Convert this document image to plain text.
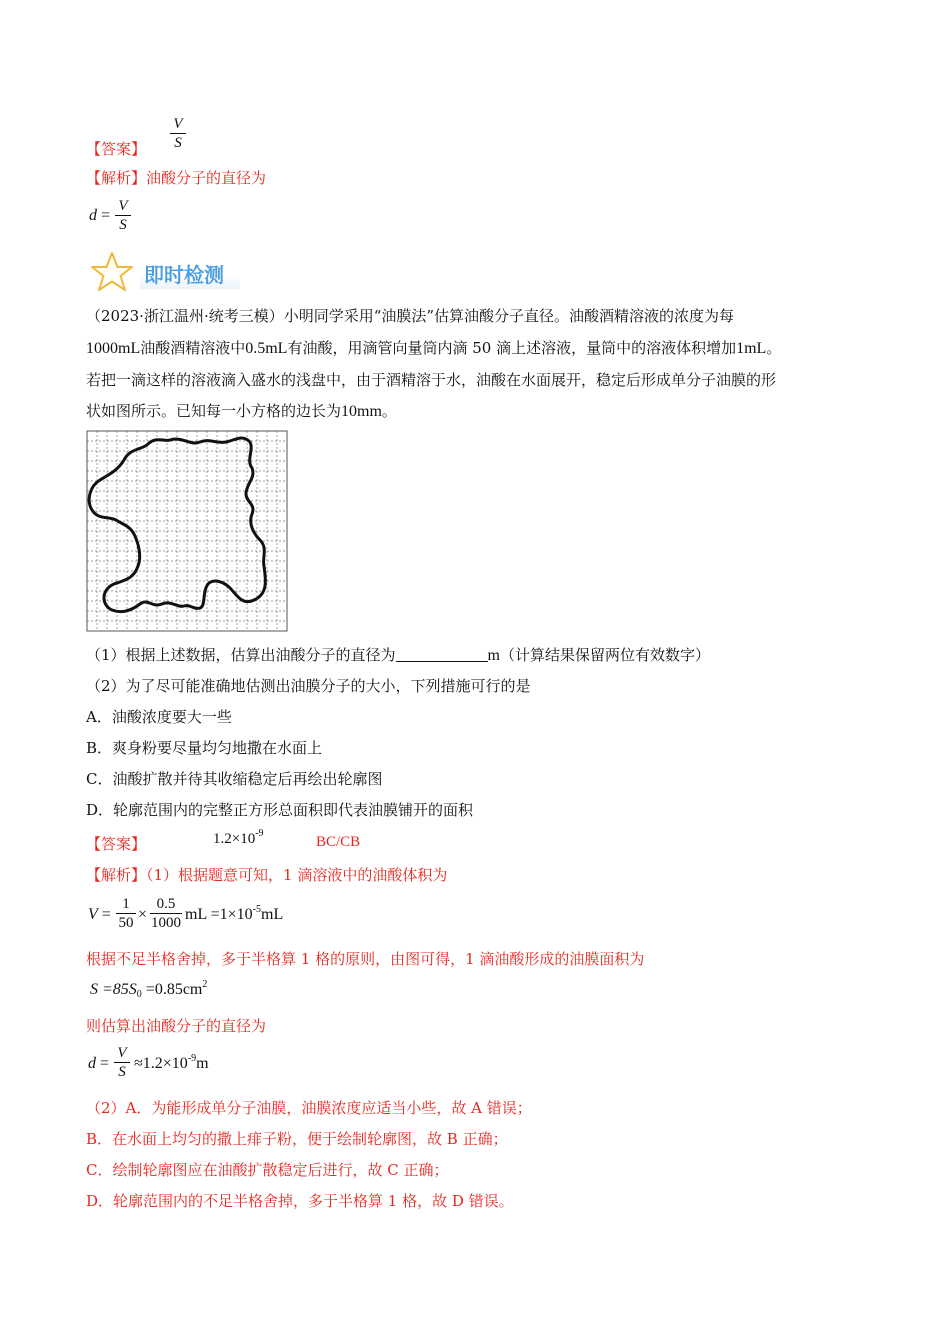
V
S
【答案】
【解析】油酸分子的直径为
d =
V
S
即时检测
（2023·浙江温州·统考三模）小明同学采用“油膜法”估算油酸分子直径。油酸酒精溶液的浓度为每
1000mL油酸酒精溶液中0.5mL有油酸，用滴管向量筒内滴 50 滴上述溶液，量筒中的溶液体积增加1mL。
若把一滴这样的溶液滴入盛水的浅盘中，由于酒精溶于水，油酸在水面展开，稳定后形成单分子油膜的形
状如图所示。已知每一小方格的边长为10mm。
（1）根据上述数据，估算出油酸分子的直径为	m（计算结果保留两位有效数字）
（2）为了尽可能准确地估测出油膜分子的大小，下列措施可行的是
A．油酸浓度要大一些
B．爽身粉要尽量均匀地撒在水面上
C．油酸扩散并待其收缩稳定后再绘出轮廓图
D．轮廓范围内的完整正方形总面积即代表油膜铺开的面积
【答案】	$1.2\times 10^{-9}$
BC/CB
【解析】（1）根据题意可知，1 滴溶液中的油酸体积为
V =
1
50 ×
0.5
1000 mL $=1\times 10^{-5}mL$
根据不足半格舍掉，多于半格算 1 格的原则，由图可得，1 滴油酸形成的油膜面积为
$S =85S0 =0.85cm^2$
则估算出油酸分子的直径为
d =
V
$S \approx 1.2\times 10^{-9}m$
（2）A．为能形成单分子油膜，油膜浓度应适当小些，故 A 错误；
B．在水面上均匀的撒上痱子粉，便于绘制轮廓图，故 B 正确；
C．绘制轮廓图应在油酸扩散稳定后进行，故 C 正确；
D．轮廓范围内的不足半格舍掉，多于半格算 1 格，故 D 错误。
